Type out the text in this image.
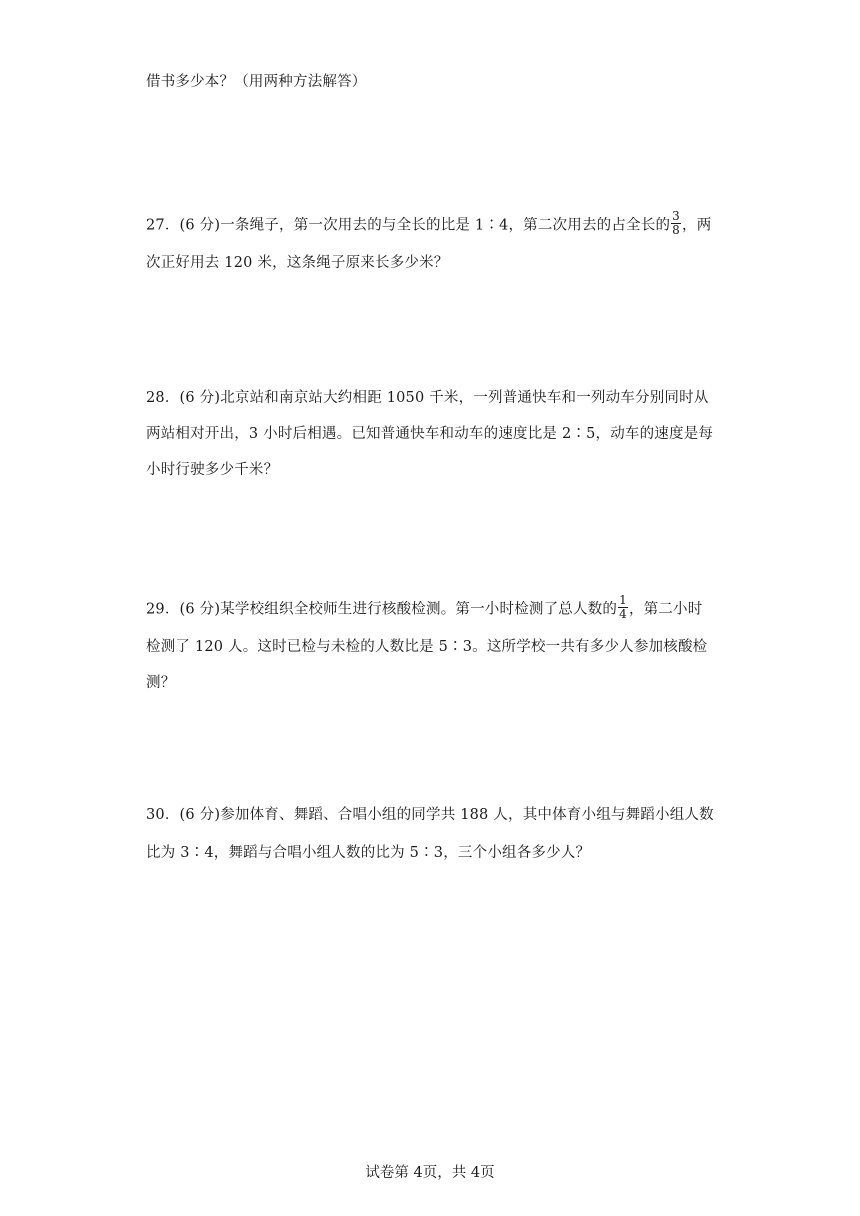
借书多少本？（用两种方法解答）
27．(6 分)一条绳子，第一次用去的与全长的比是 1∶4，第二次用去的占全长的 $\frac{3}{8}$ ，两
次正好用去 120 米，这条绳子原来长多少米？
28．(6 分)北京站和南京站大约相距 1050 千米，一列普通快车和一列动车分别同时从
两站相对开出，3 小时后相遇。已知普通快车和动车的速度比是 2∶5，动车的速度是每
小时行驶多少千米？
29．(6 分)某学校组织全校师生进行核酸检测。第一小时检测了总人数的 $\frac{1}{4}$ ，第二小时
检测了 120 人。这时已检与未检的人数比是 5∶3。这所学校一共有多少人参加核酸检
测？
30．(6 分)参加体育、舞蹈、合唱小组的同学共 188 人，其中体育小组与舞蹈小组人数
比为 3∶4，舞蹈与合唱小组人数的比为 5∶3，三个小组各多少人？
试卷第 4页，共 4页
